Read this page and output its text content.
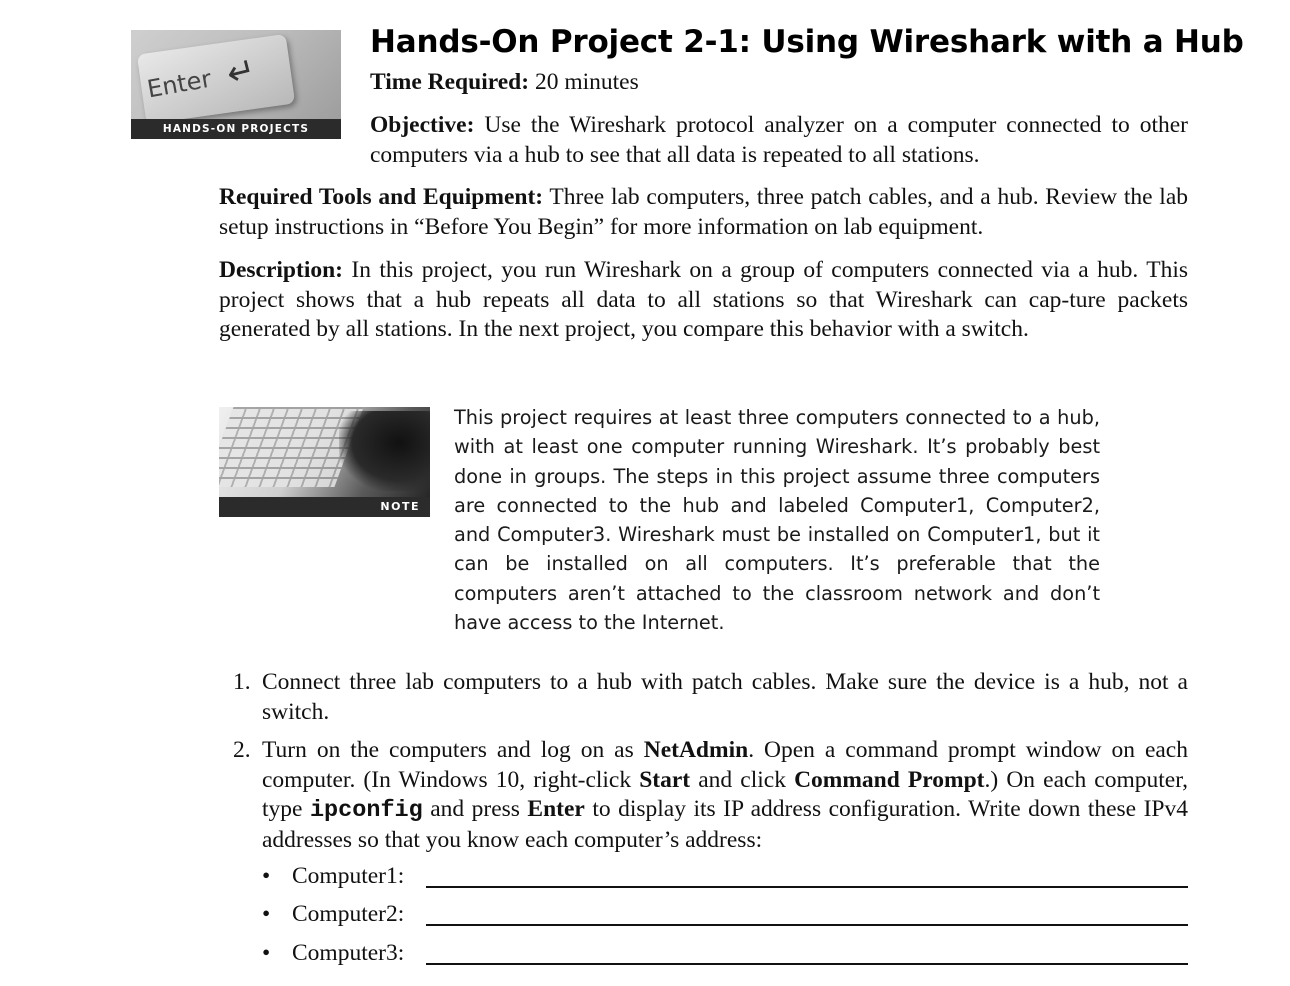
Enter ↵
HANDS-ON PROJECTS
Hands-On Project 2-1: Using Wireshark with a Hub
Time Required: 20 minutes
Objective: Use the Wireshark protocol analyzer on a computer connected to other computers via a hub to see that all data is repeated to all stations.
Required Tools and Equipment: Three lab computers, three patch cables, and a hub. Review the lab setup instructions in “Before You Begin” for more information on lab equipment.
Description: In this project, you run Wireshark on a group of computers connected via a hub. This project shows that a hub repeats all data to all stations so that Wireshark can cap-ture packets generated by all stations. In the next project, you compare this behavior with a switch.
NOTE
This project requires at least three computers connected to a hub, with at least one computer running Wireshark. It’s probably best done in groups. The steps in this project assume three computers are connected to the hub and labeled Computer1, Computer2, and Computer3. Wireshark must be installed on Computer1, but it can be installed on all computers. It’s preferable that the computers aren’t attached to the classroom network and don’t have access to the Internet.
1. Connect three lab computers to a hub with patch cables. Make sure the device is a hub, not a switch.
2. Turn on the computers and log on as NetAdmin. Open a command prompt window on each computer. (In Windows 10, right-click Start and click Command Prompt.) On each computer, type ipconfig and press Enter to display its IP address configuration. Write down these IPv4 addresses so that you know each computer’s address:
• Computer1:
• Computer2:
• Computer3:
